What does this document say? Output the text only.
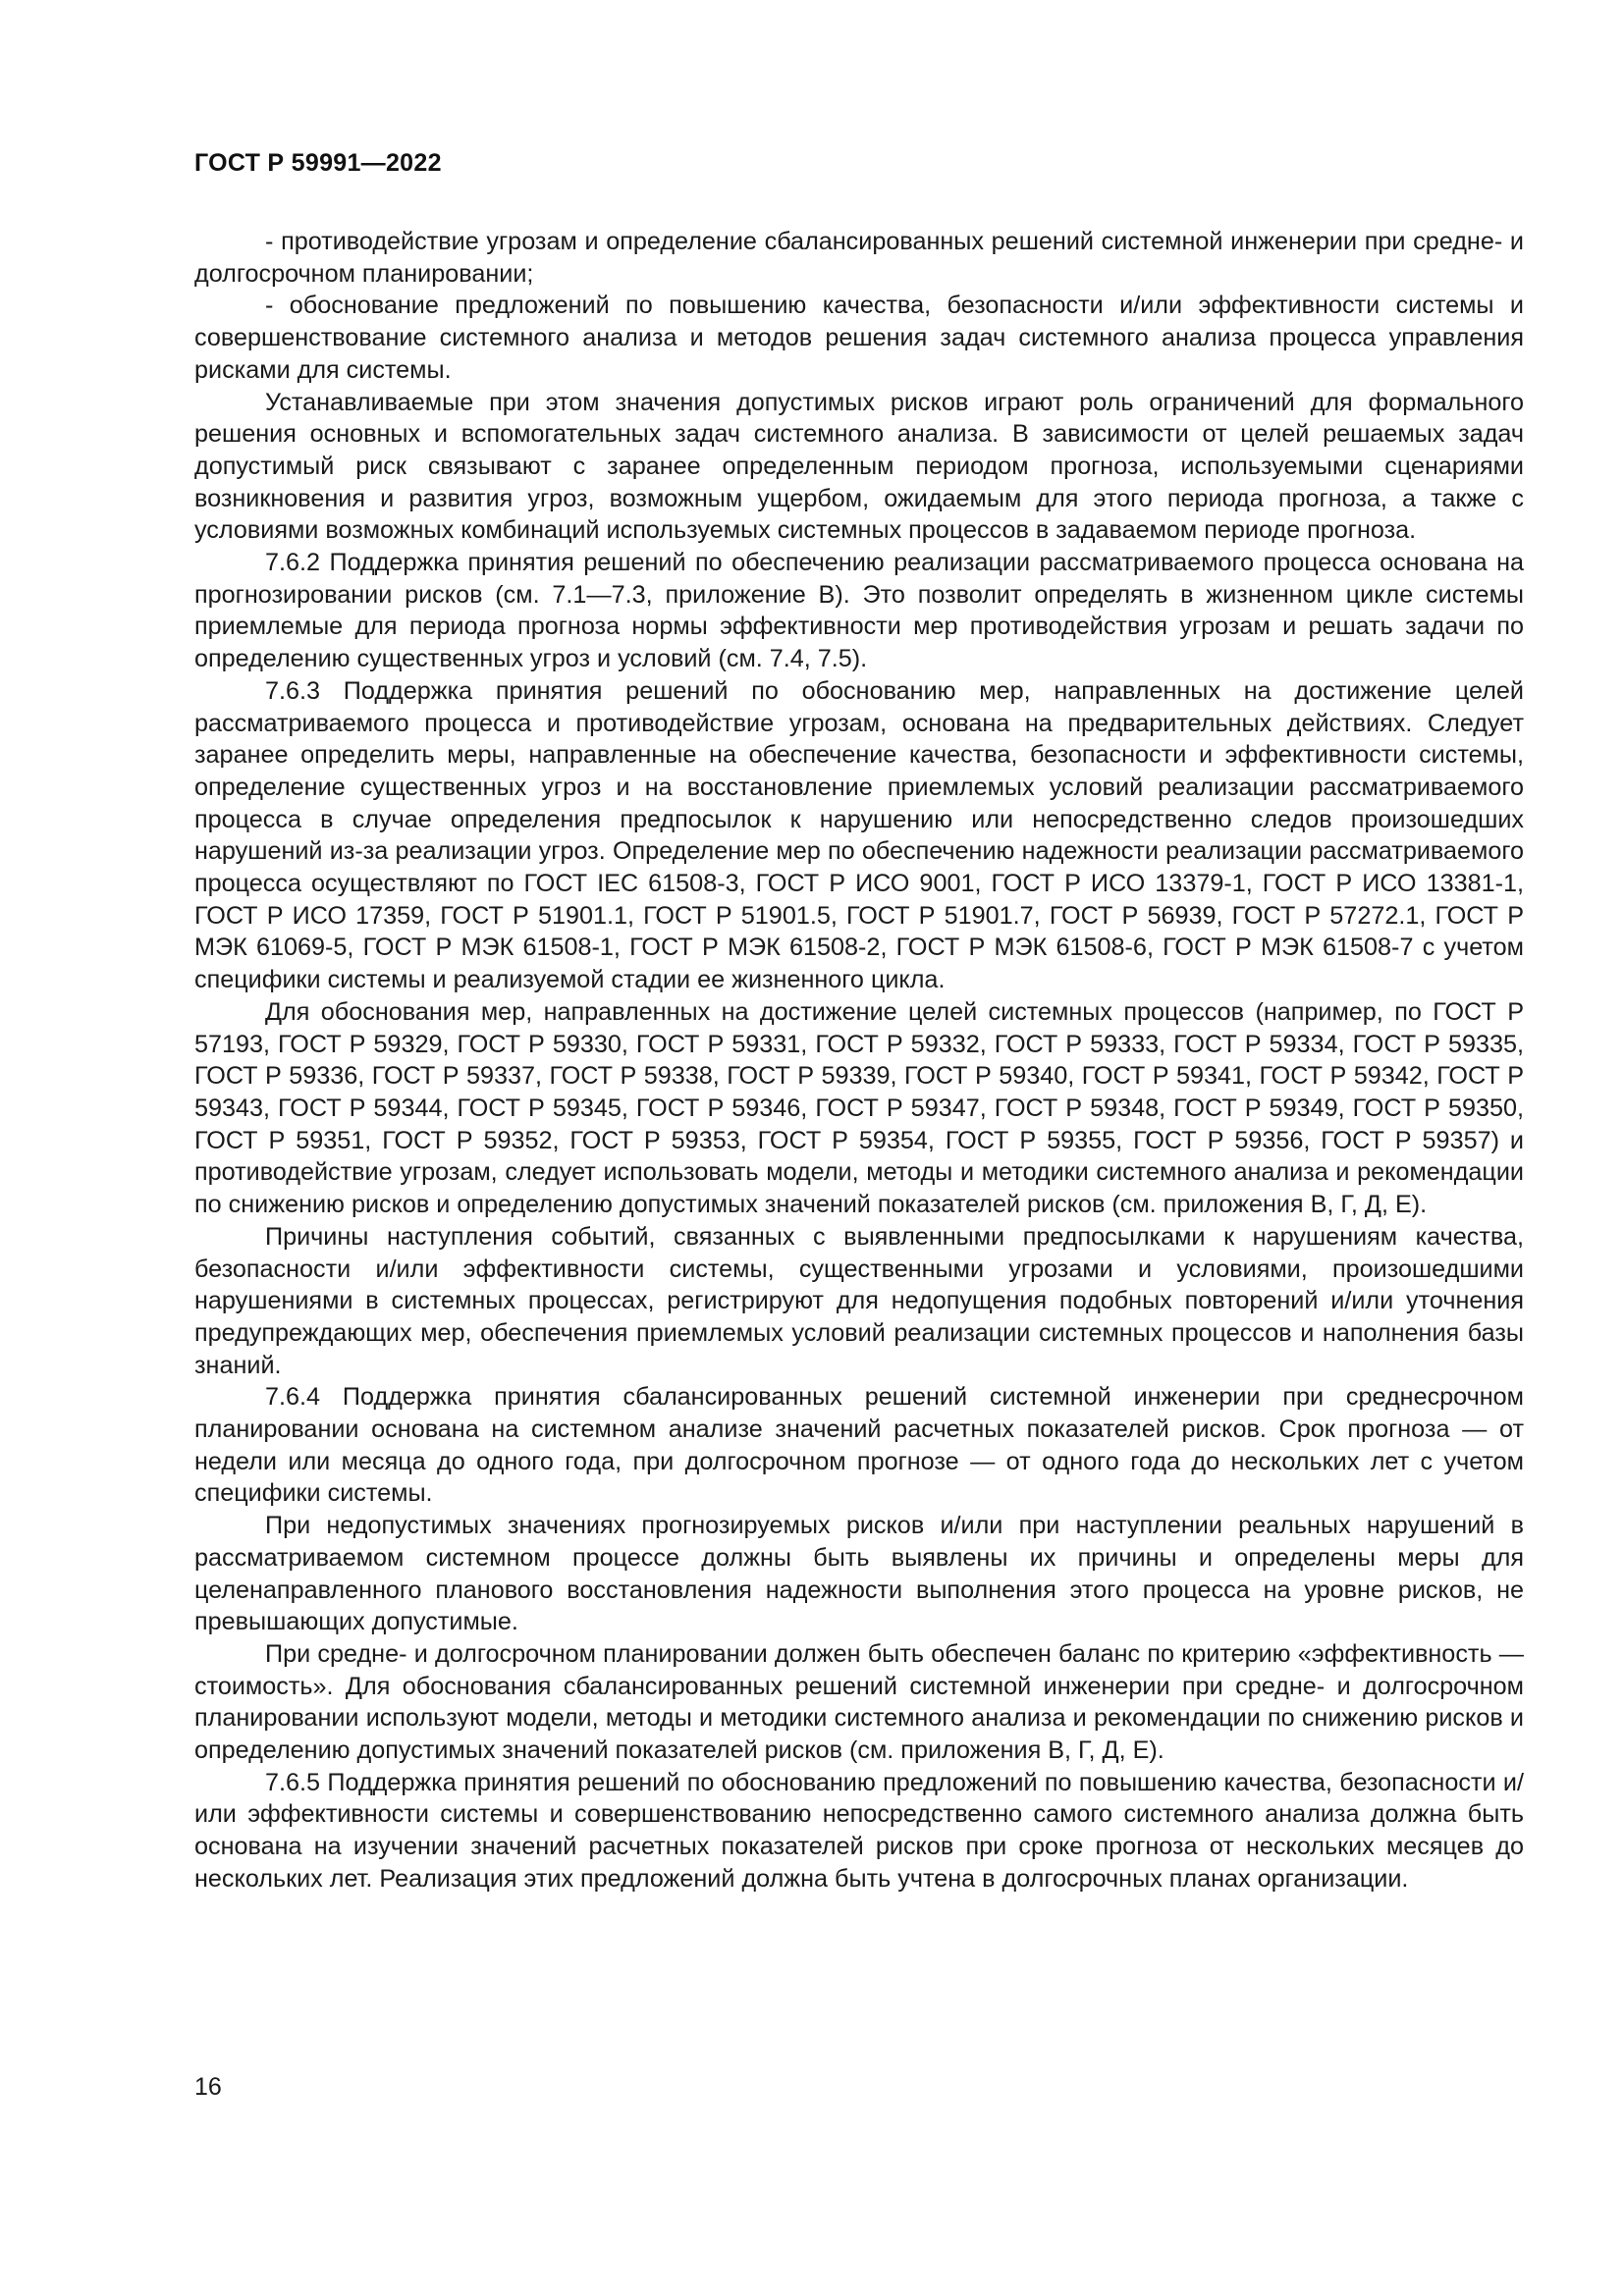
ГОСТ Р 59991—2022

- противодействие угрозам и определение сбалансированных решений системной инженерии при средне- и долгосрочном планировании;

- обоснование предложений по повышению качества, безопасности и/или эффективности системы и совершенствование системного анализа и методов решения задач системного анализа процесса управления рисками для системы.

Устанавливаемые при этом значения допустимых рисков играют роль ограничений для формального решения основных и вспомогательных задач системного анализа. В зависимости от целей решаемых задач допустимый риск связывают с заранее определенным периодом прогноза, используемыми сценариями возникновения и развития угроз, возможным ущербом, ожидаемым для этого периода прогноза, а также с условиями возможных комбинаций используемых системных процессов в задаваемом периоде прогноза.

7.6.2 Поддержка принятия решений по обеспечению реализации рассматриваемого процесса основана на прогнозировании рисков (см. 7.1—7.3, приложение В). Это позволит определять в жизненном цикле системы приемлемые для периода прогноза нормы эффективности мер противодействия угрозам и решать задачи по определению существенных угроз и условий (см. 7.4, 7.5).

7.6.3 Поддержка принятия решений по обоснованию мер, направленных на достижение целей рассматриваемого процесса и противодействие угрозам, основана на предварительных действиях. Следует заранее определить меры, направленные на обеспечение качества, безопасности и эффективности системы, определение существенных угроз и на восстановление приемлемых условий реализации рассматриваемого процесса в случае определения предпосылок к нарушению или непосредственно следов произошедших нарушений из-за реализации угроз. Определение мер по обеспечению надежности реализации рассматриваемого процесса осуществляют по ГОСТ IEC 61508-3, ГОСТ Р ИСО 9001, ГОСТ Р ИСО 13379-1, ГОСТ Р ИСО 13381-1, ГОСТ Р ИСО 17359, ГОСТ Р 51901.1, ГОСТ Р 51901.5, ГОСТ Р 51901.7, ГОСТ Р 56939, ГОСТ Р 57272.1, ГОСТ Р МЭК 61069-5, ГОСТ Р МЭК 61508-1, ГОСТ Р МЭК 61508-2, ГОСТ Р МЭК 61508-6, ГОСТ Р МЭК 61508-7 с учетом специфики системы и реализуемой стадии ее жизненного цикла.

Для обоснования мер, направленных на достижение целей системных процессов (например, по ГОСТ Р 57193, ГОСТ Р 59329, ГОСТ Р 59330, ГОСТ Р 59331, ГОСТ Р 59332, ГОСТ Р 59333, ГОСТ Р 59334, ГОСТ Р 59335, ГОСТ Р 59336, ГОСТ Р 59337, ГОСТ Р 59338, ГОСТ Р 59339, ГОСТ Р 59340, ГОСТ Р 59341, ГОСТ Р 59342, ГОСТ Р 59343, ГОСТ Р 59344, ГОСТ Р 59345, ГОСТ Р 59346, ГОСТ Р 59347, ГОСТ Р 59348, ГОСТ Р 59349, ГОСТ Р 59350, ГОСТ Р 59351, ГОСТ Р 59352, ГОСТ Р 59353, ГОСТ Р 59354, ГОСТ Р 59355, ГОСТ Р 59356, ГОСТ Р 59357) и противодействие угрозам, следует использовать модели, методы и методики системного анализа и рекомендации по снижению рисков и определению допустимых значений показателей рисков (см. приложения В, Г, Д, Е).

Причины наступления событий, связанных с выявленными предпосылками к нарушениям качества, безопасности и/или эффективности системы, существенными угрозами и условиями, произошедшими нарушениями в системных процессах, регистрируют для недопущения подобных повторений и/или уточнения предупреждающих мер, обеспечения приемлемых условий реализации системных процессов и наполнения базы знаний.

7.6.4 Поддержка принятия сбалансированных решений системной инженерии при среднесрочном планировании основана на системном анализе значений расчетных показателей рисков. Срок прогноза — от недели или месяца до одного года, при долгосрочном прогнозе — от одного года до нескольких лет с учетом специфики системы.

При недопустимых значениях прогнозируемых рисков и/или при наступлении реальных нарушений в рассматриваемом системном процессе должны быть выявлены их причины и определены меры для целенаправленного планового восстановления надежности выполнения этого процесса на уровне рисков, не превышающих допустимые.

При средне- и долгосрочном планировании должен быть обеспечен баланс по критерию «эффективность — стоимость». Для обоснования сбалансированных решений системной инженерии при средне- и долгосрочном планировании используют модели, методы и методики системного анализа и рекомендации по снижению рисков и определению допустимых значений показателей рисков (см. приложения В, Г, Д, Е).

7.6.5 Поддержка принятия решений по обоснованию предложений по повышению качества, безопасности и/или эффективности системы и совершенствованию непосредственно самого системного анализа должна быть основана на изучении значений расчетных показателей рисков при сроке прогноза от нескольких месяцев до нескольких лет. Реализация этих предложений должна быть учтена в долгосрочных планах организации.

16
